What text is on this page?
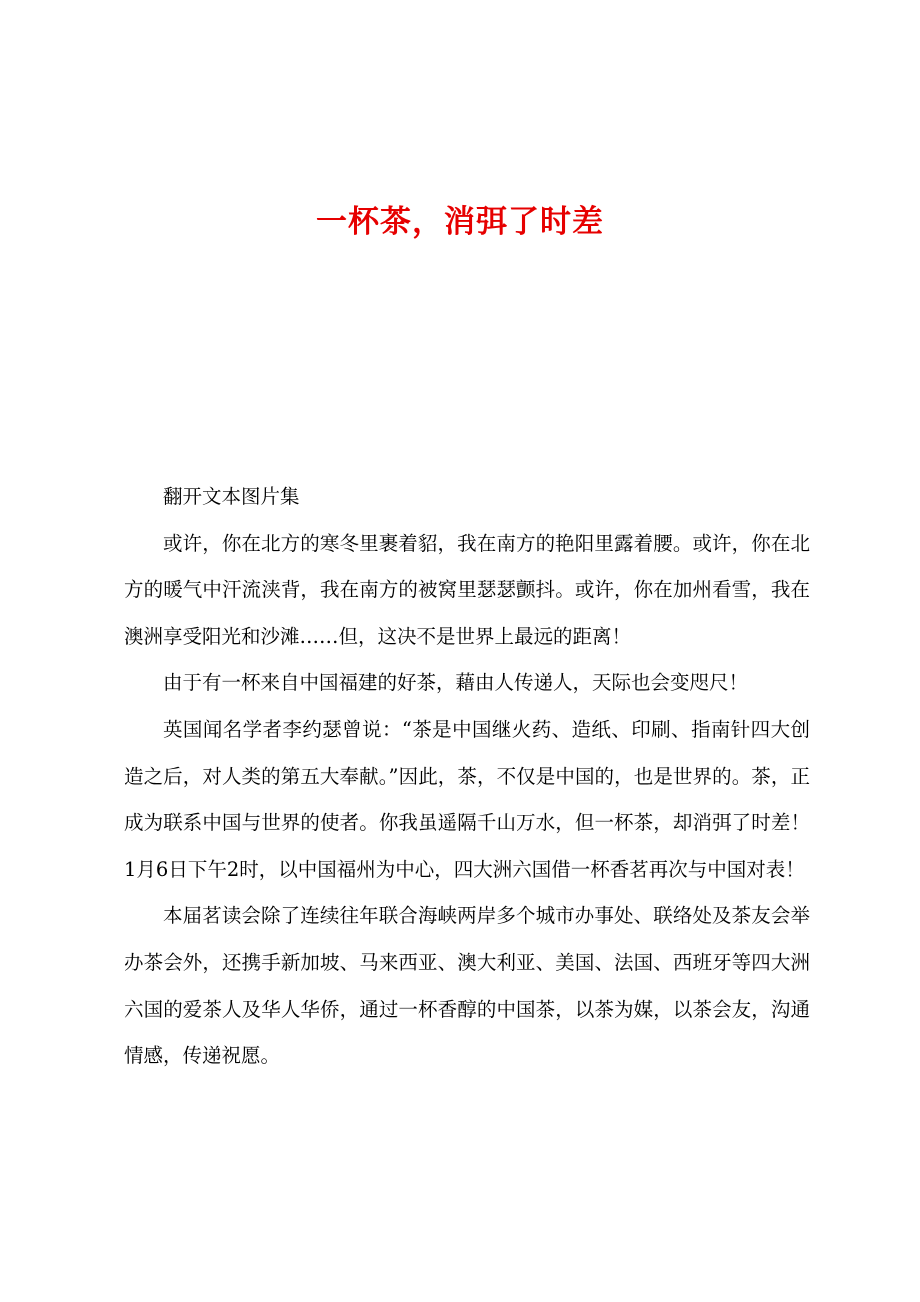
一杯茶，消弭了时差

翻开文本图片集

或许，你在北方的寒冬里裹着貂，我在南方的艳阳里露着腰。或许，你在北方的暖气中汗流浃背，我在南方的被窝里瑟瑟颤抖。或许，你在加州看雪，我在澳洲享受阳光和沙滩……但，这决不是世界上最远的距离！

由于有一杯来自中国福建的好茶，藉由人传递人，天际也会变咫尺！

英国闻名学者李约瑟曾说：“茶是中国继火药、造纸、印刷、指南针四大创造之后，对人类的第五大奉献。”因此，茶，不仅是中国的，也是世界的。茶，正成为联系中国与世界的使者。你我虽遥隔千山万水，但一杯茶，却消弭了时差！1月6日下午2时，以中国福州为中心，四大洲六国借一杯香茗再次与中国对表！

本届茗读会除了连续往年联合海峡两岸多个城市办事处、联络处及茶友会举办茶会外，还携手新加坡、马来西亚、澳大利亚、美国、法国、西班牙等四大洲六国的爱茶人及华人华侨，通过一杯香醇的中国茶，以茶为媒，以茶会友，沟通情感，传递祝愿。
